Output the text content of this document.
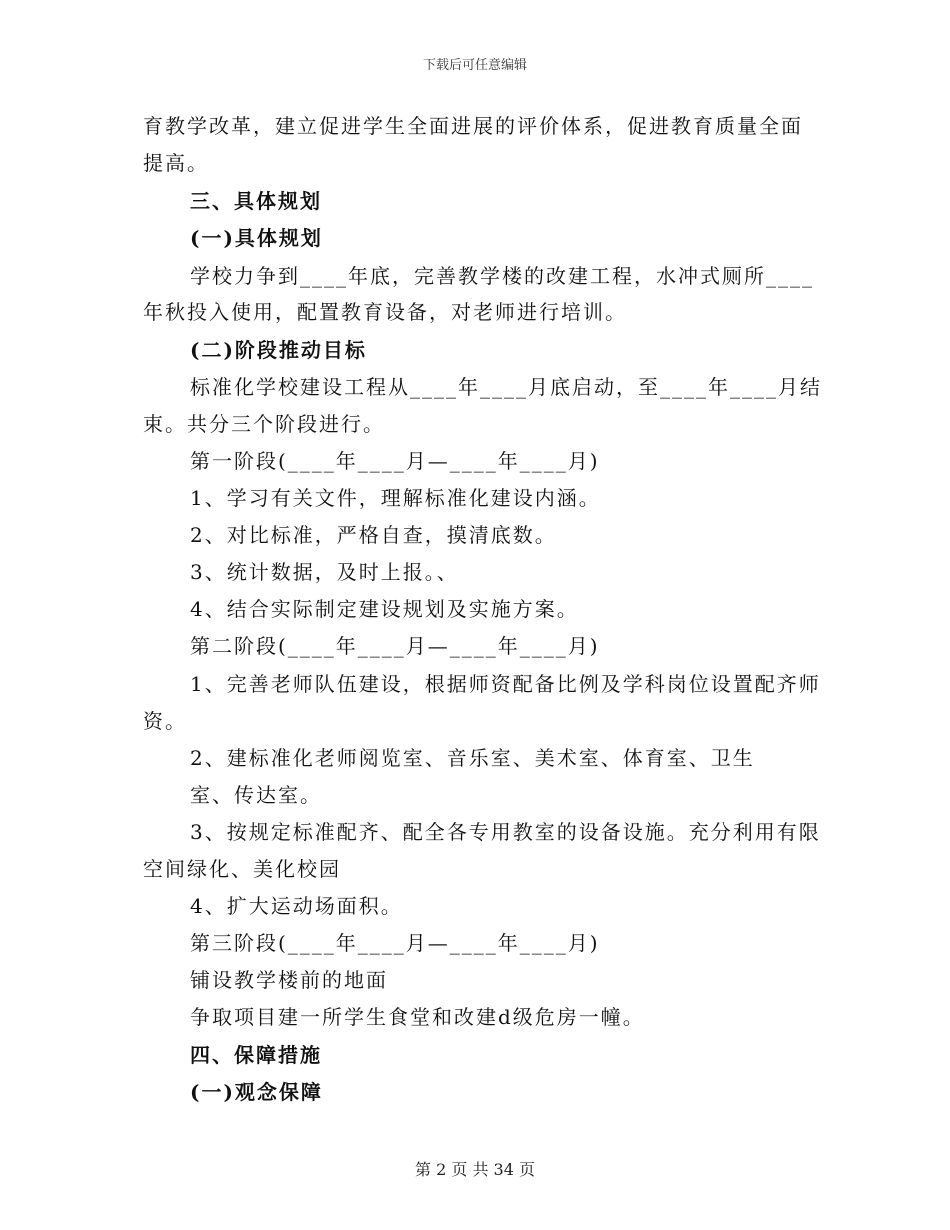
下载后可任意编辑
育教学改革，建立促进学生全面进展的评价体系，促进教育质量全面
提高。
三、具体规划
(一)具体规划
学校力争到____年底，完善教学楼的改建工程，水冲式厕所____
年秋投入使用，配置教育设备，对老师进行培训。
(二)阶段推动目标
标准化学校建设工程从____年____月底启动，至____年____月结
束。共分三个阶段进行。
第一阶段(____年____月—____年____月)
1、学习有关文件，理解标准化建设内涵。
2、对比标准，严格自查，摸清底数。
3、统计数据，及时上报。、
4、结合实际制定建设规划及实施方案。
第二阶段(____年____月—____年____月)
1、完善老师队伍建设，根据师资配备比例及学科岗位设置配齐师
资。
2、建标准化老师阅览室、音乐室、美术室、体育室、卫生
室、传达室。
3、按规定标准配齐、配全各专用教室的设备设施。充分利用有限
空间绿化、美化校园
4、扩大运动场面积。
第三阶段(____年____月—____年____月)
铺设教学楼前的地面
争取项目建一所学生食堂和改建d级危房一幢。
四、保障措施
(一)观念保障
第 2 页 共 34 页
